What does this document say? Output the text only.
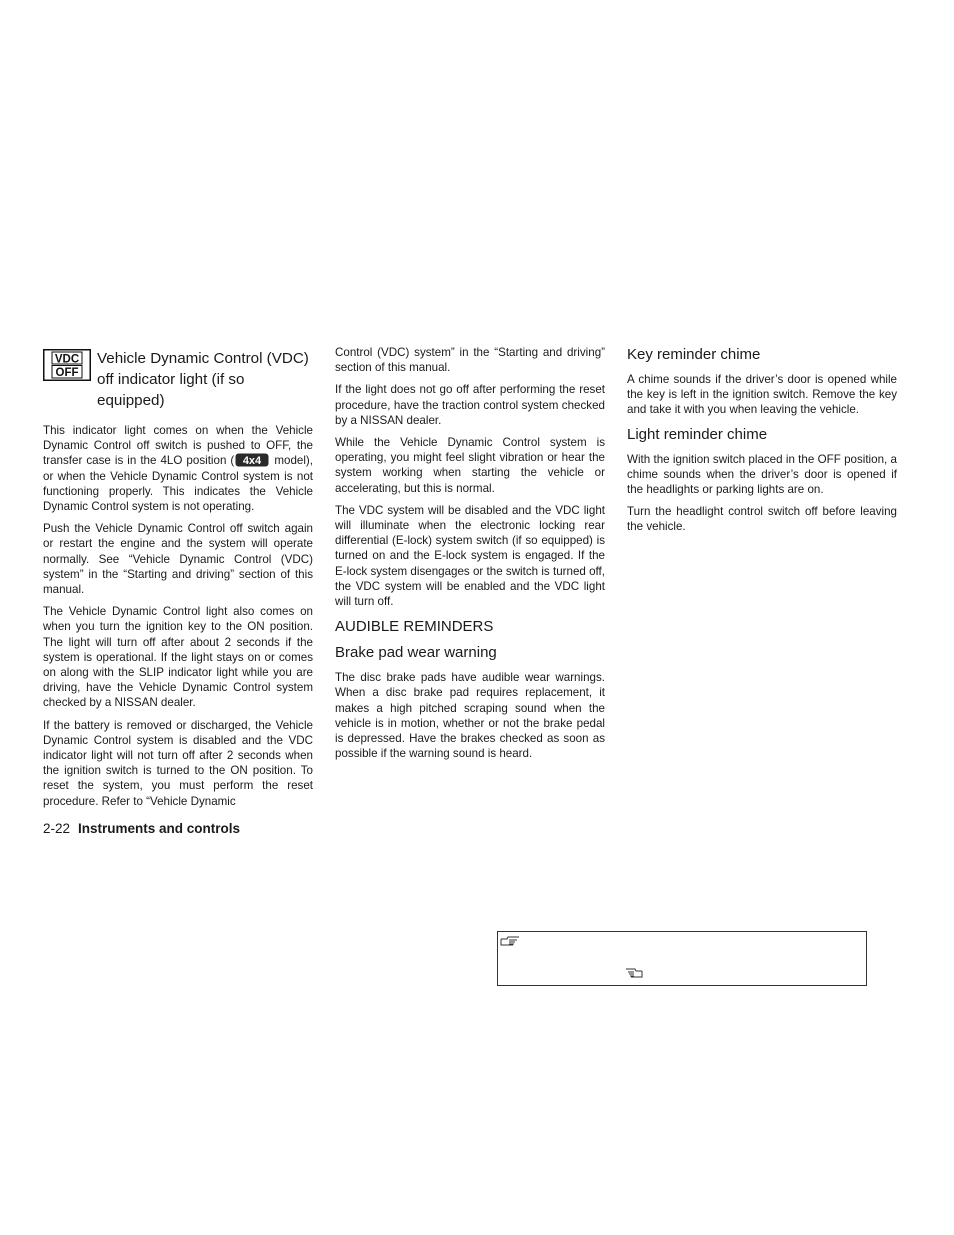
VDC
OFF
Vehicle Dynamic Control (VDC) off indicator light (if so equipped)

This indicator light comes on when the Vehicle Dynamic Control off switch is pushed to OFF, the transfer case is in the 4LO position ( 4x4 model), or when the Vehicle Dynamic Control system is not functioning properly. This indicates the Vehicle Dynamic Control system is not operating.

Push the Vehicle Dynamic Control off switch again or restart the engine and the system will operate normally. See “Vehicle Dynamic Control (VDC) system” in the “Starting and driving” section of this manual.

The Vehicle Dynamic Control light also comes on when you turn the ignition key to the ON position. The light will turn off after about 2 seconds if the system is operational. If the light stays on or comes on along with the SLIP indicator light while you are driving, have the Vehicle Dynamic Control system checked by a NISSAN dealer.

If the battery is removed or discharged, the Vehicle Dynamic Control system is disabled and the VDC indicator light will not turn off after 2 seconds when the ignition switch is turned to the ON position. To reset the system, you must perform the reset procedure. Refer to “Vehicle Dynamic

Control (VDC) system” in the “Starting and driving” section of this manual.

If the light does not go off after performing the reset procedure, have the traction control system checked by a NISSAN dealer.

While the Vehicle Dynamic Control system is operating, you might feel slight vibration or hear the system working when starting the vehicle or accelerating, but this is normal.

The VDC system will be disabled and the VDC light will illuminate when the electronic locking rear differential (E-lock) system switch (if so equipped) is turned on and the E-lock system is engaged. If the E-lock system disengages or the switch is turned off, the VDC system will be enabled and the VDC light will turn off.

AUDIBLE REMINDERS
Brake pad wear warning

The disc brake pads have audible wear warnings. When a disc brake pad requires replacement, it makes a high pitched scraping sound when the vehicle is in motion, whether or not the brake pedal is depressed. Have the brakes checked as soon as possible if the warning sound is heard.

Key reminder chime

A chime sounds if the driver’s door is opened while the key is left in the ignition switch. Remove the key and take it with you when leaving the vehicle.

Light reminder chime

With the ignition switch placed in the OFF position, a chime sounds when the driver’s door is opened if the headlights or parking lights are on.

Turn the headlight control switch off before leaving the vehicle.

2-22 Instruments and controls
